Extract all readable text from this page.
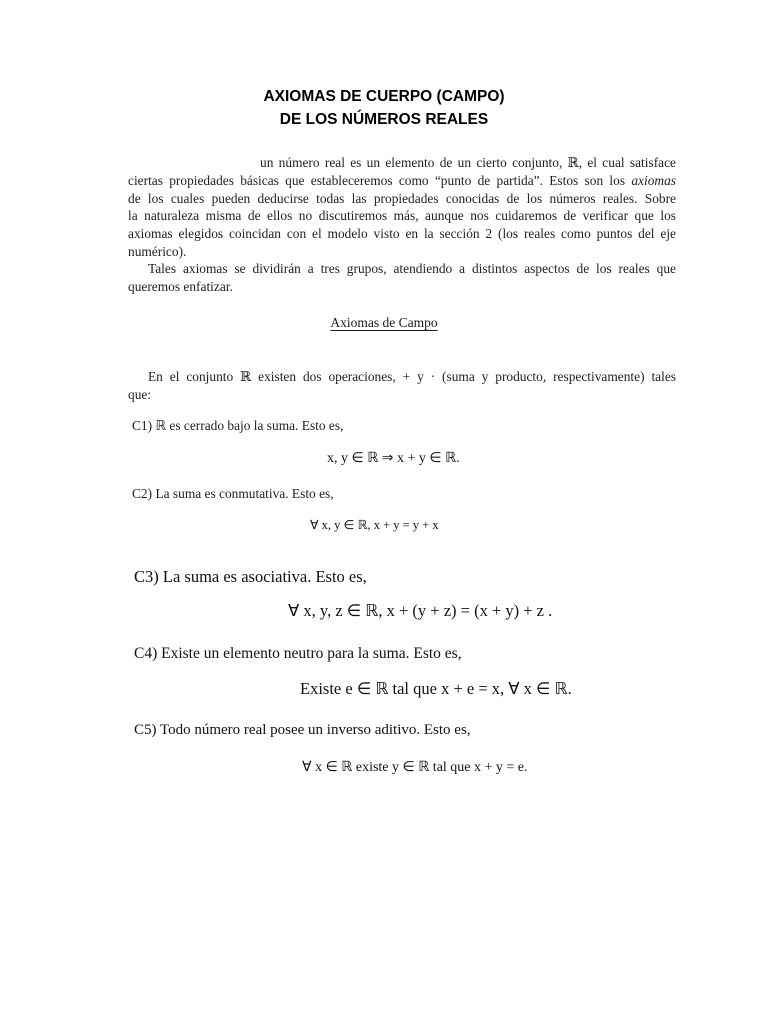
AXIOMAS DE CUERPO (CAMPO)
DE LOS NÚMEROS REALES
un número real es un elemento de un cierto conjunto, ℝ, el cual satisface
ciertas propiedades básicas que estableceremos como “punto de partida”. Estos son los axiomas
de los cuales pueden deducirse todas las propiedades conocidas de los números reales. Sobre
la naturaleza misma de ellos no discutiremos más, aunque nos cuidaremos de verificar que los
axiomas elegidos coincidan con el modelo visto en la sección 2 (los reales como puntos del eje
numérico).
Tales axiomas se dividirán a tres grupos, atendiendo a distintos aspectos de los reales que
queremos enfatizar.
Axiomas de Campo
En el conjunto ℝ existen dos operaciones, + y · (suma y producto, respectivamente) tales
que:
C1) ℝ es cerrado bajo la suma. Esto es,
x, y ∈ ℝ ⇒ x + y ∈ ℝ.
C2) La suma es conmutativa. Esto es,
∀ x, y ∈ ℝ, x + y = y + x
C3) La suma es asociativa. Esto es,
∀ x, y, z ∈ ℝ, x + (y + z) = (x + y) + z .
C4) Existe un elemento neutro para la suma. Esto es,
Existe e ∈ ℝ tal que x + e = x, ∀ x ∈ ℝ.
C5) Todo número real posee un inverso aditivo. Esto es,
∀ x ∈ ℝ existe y ∈ ℝ tal que x + y = e.
